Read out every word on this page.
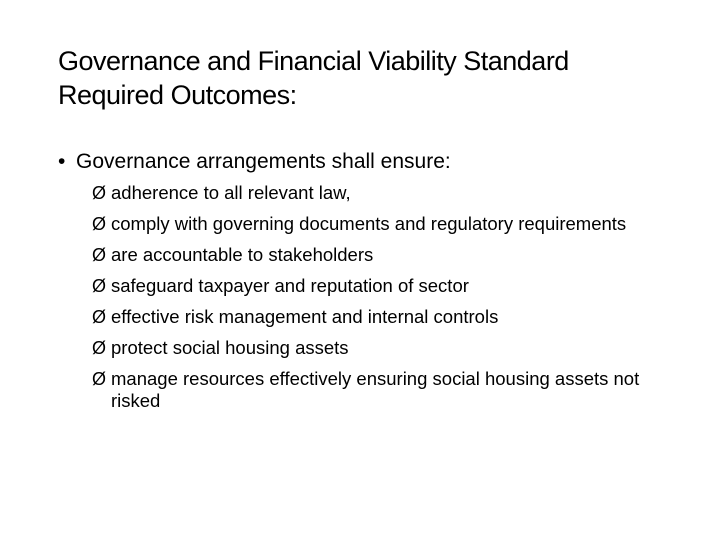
Governance and Financial Viability Standard
Required Outcomes:
• Governance arrangements shall ensure:
Ø adherence to all relevant law,
Ø comply with governing documents and regulatory requirements
Ø are accountable to stakeholders
Ø safeguard taxpayer and reputation of sector
Ø effective risk management and internal controls
Ø protect social housing assets
Ø manage resources effectively ensuring social housing assets not risked
